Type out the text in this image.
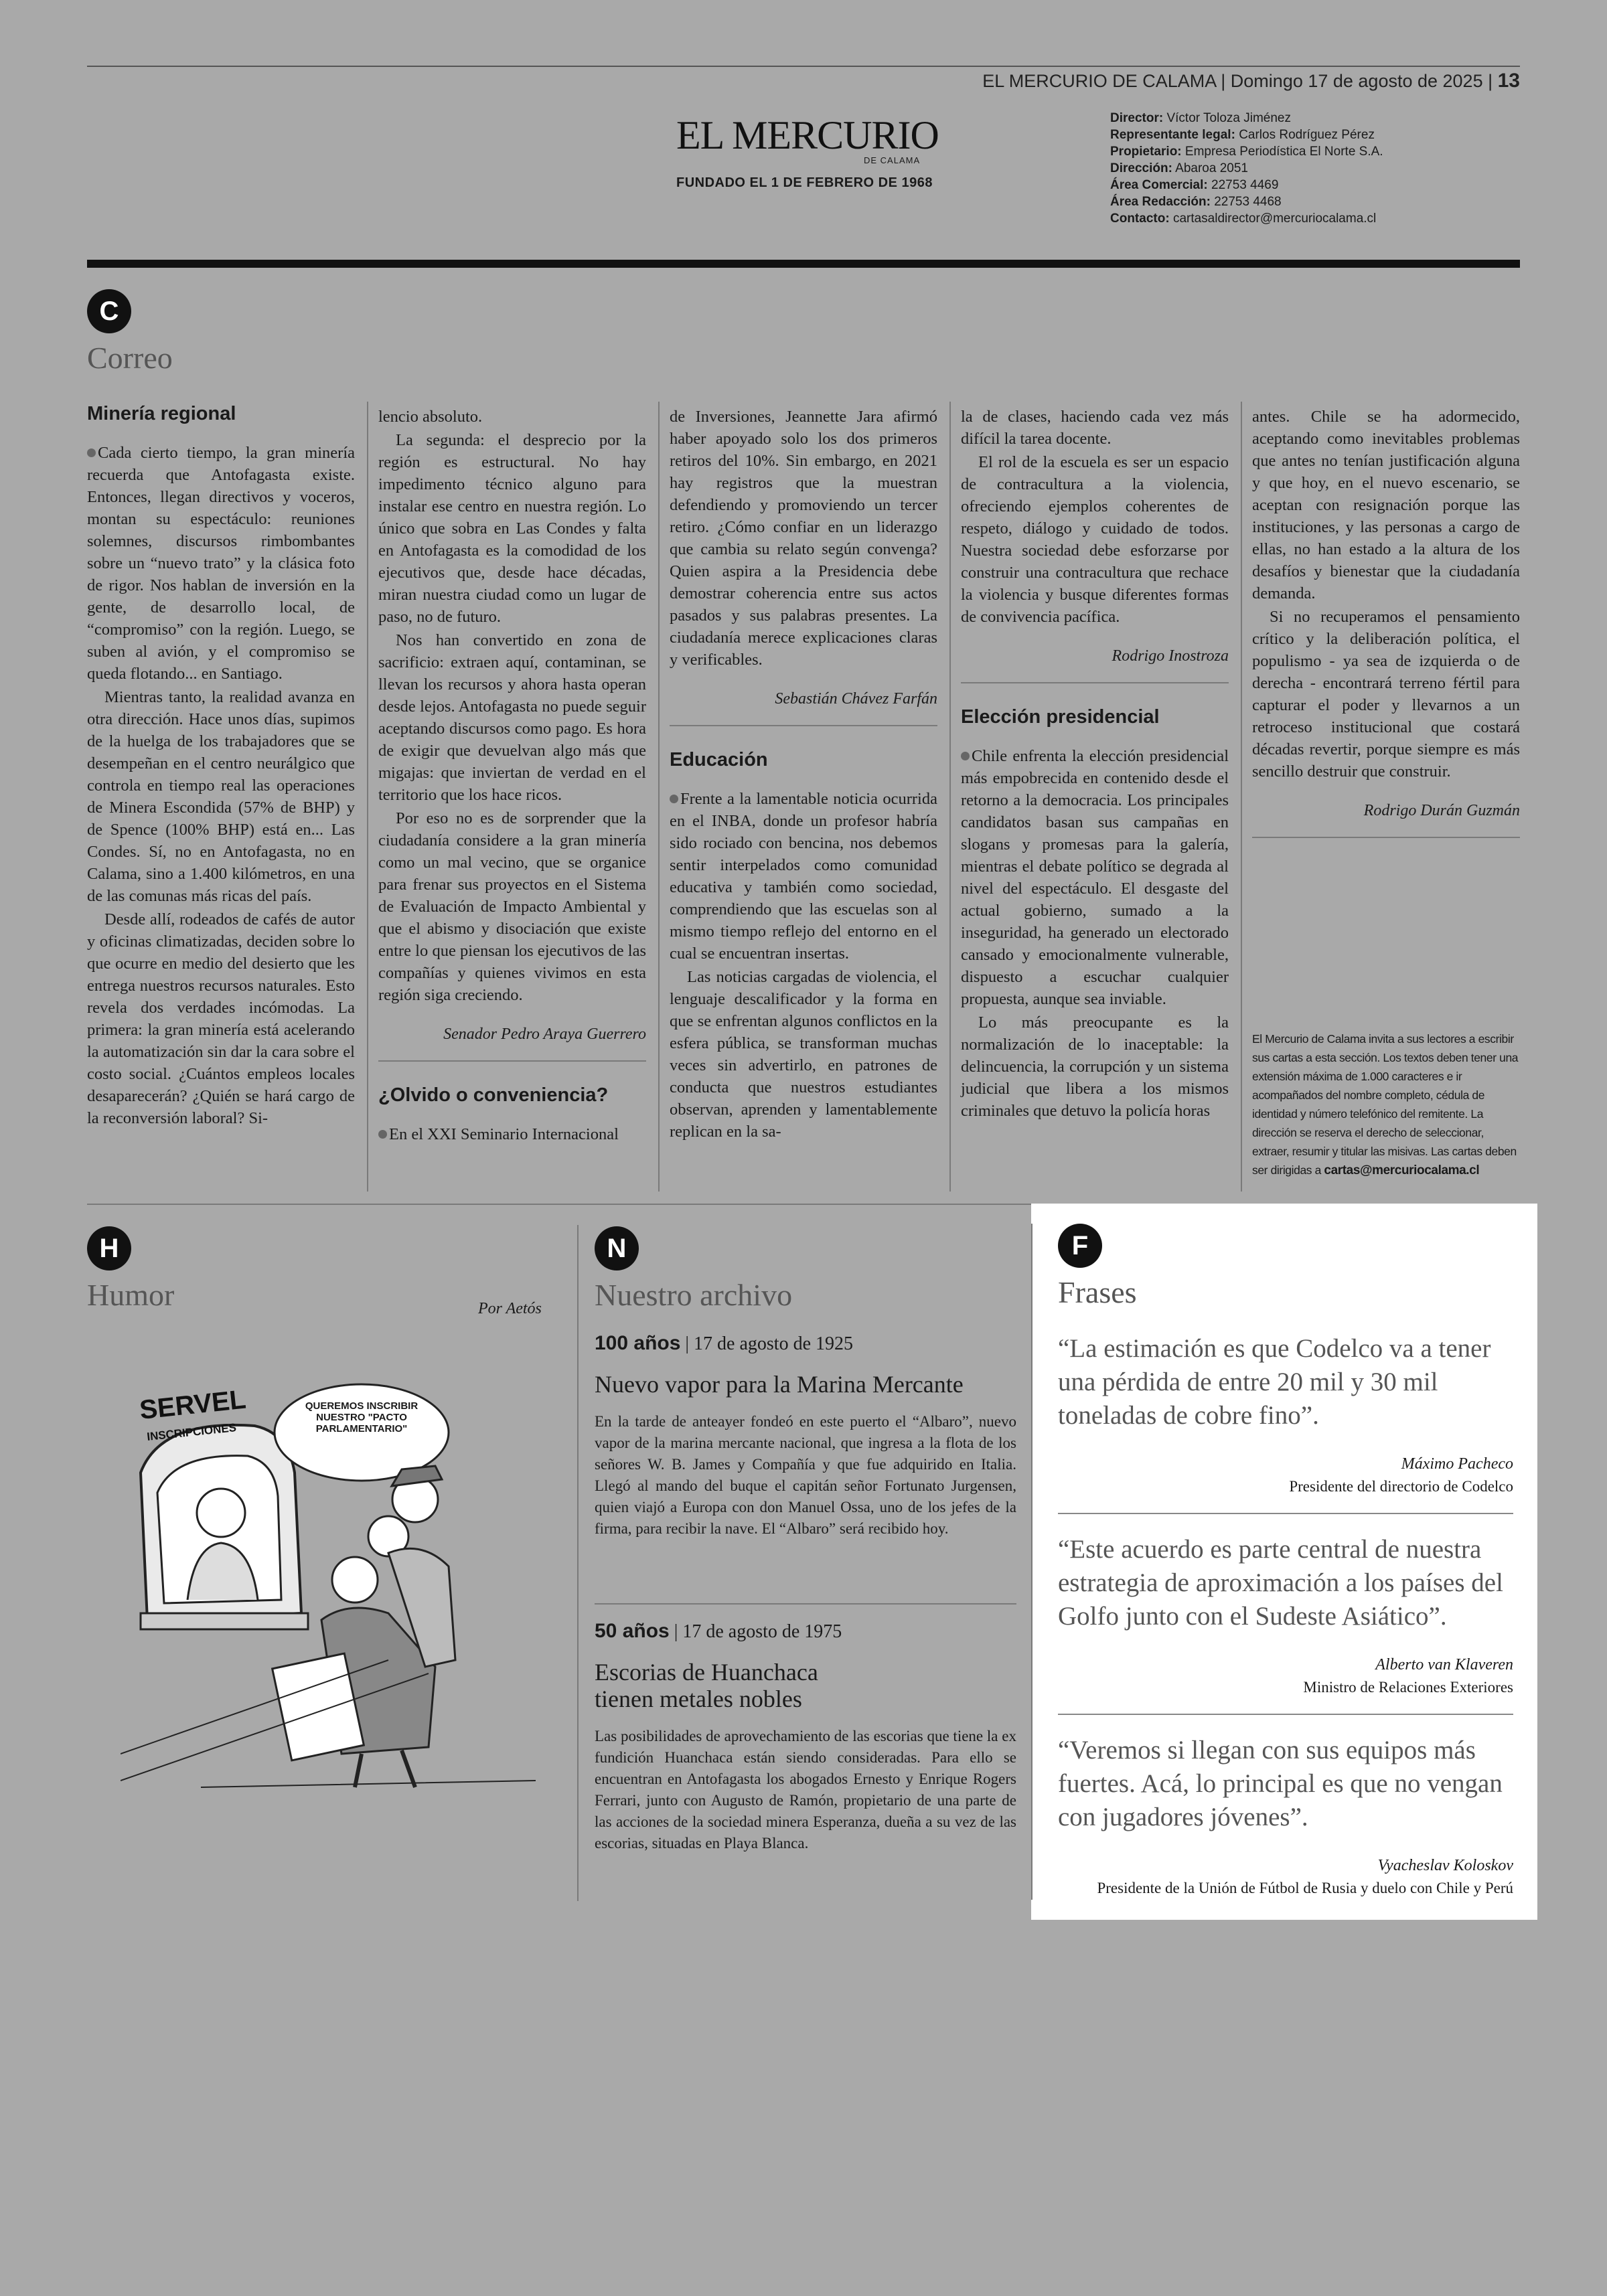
EL MERCURIO DE CALAMA | Domingo 17 de agosto de 2025 | 13
EL MERCURIO
DE CALAMA
FUNDADO EL 1 DE FEBRERO DE 1968
Director: Víctor Toloza Jiménez
Representante legal: Carlos Rodríguez Pérez
Propietario: Empresa Periodística El Norte S.A.
Dirección: Abaroa 2051
Área Comercial: 22753 4469
Área Redacción: 22753 4468
Contacto: cartasaldirector@mercuriocalama.cl
C
Correo
Minería regional

Cada cierto tiempo, la gran minería recuerda que Antofagasta existe. Entonces, llegan directivos y voceros, montan su espectáculo: reuniones solemnes, discursos rimbombantes sobre un “nuevo trato” y la clásica foto de rigor. Nos hablan de inversión en la gente, de desarrollo local, de “compromiso” con la región. Luego, se suben al avión, y el compromiso se queda flotando... en Santiago.

Mientras tanto, la realidad avanza en otra dirección. Hace unos días, supimos de la huelga de los trabajadores que se desempeñan en el centro neurálgico que controla en tiempo real las operaciones de Minera Escondida (57% de BHP) y de Spence (100% BHP) está en... Las Condes. Sí, no en Antofagasta, no en Calama, sino a 1.400 kilómetros, en una de las comunas más ricas del país.

Desde allí, rodeados de cafés de autor y oficinas climatizadas, deciden sobre lo que ocurre en medio del desierto que les entrega nuestros recursos naturales. Esto revela dos verdades incómodas. La primera: la gran minería está acelerando la automatización sin dar la cara sobre el costo social. ¿Cuántos empleos locales desaparecerán? ¿Quién se hará cargo de la reconversión laboral? Si-

lencio absoluto.

La segunda: el desprecio por la región es estructural. No hay impedimento técnico alguno para instalar ese centro en nuestra región. Lo único que sobra en Las Condes y falta en Antofagasta es la comodidad de los ejecutivos que, desde hace décadas, miran nuestra ciudad como un lugar de paso, no de futuro.

Nos han convertido en zona de sacrificio: extraen aquí, contaminan, se llevan los recursos y ahora hasta operan desde lejos. Antofagasta no puede seguir aceptando discursos como pago. Es hora de exigir que devuelvan algo más que migajas: que inviertan de verdad en el territorio que los hace ricos.

Por eso no es de sorprender que la ciudadanía considere a la gran minería como un mal vecino, que se organice para frenar sus proyectos en el Sistema de Evaluación de Impacto Ambiental y que el abismo y disociación que existe entre lo que piensan los ejecutivos de las compañías y quienes vivimos en esta región siga creciendo.

Senador Pedro Araya Guerrero
¿Olvido o conveniencia?

En el XXI Seminario Internacional

de Inversiones, Jeannette Jara afirmó haber apoyado solo los dos primeros retiros del 10%. Sin embargo, en 2021 hay registros que la muestran defendiendo y promoviendo un tercer retiro. ¿Cómo confiar en un liderazgo que cambia su relato según convenga? Quien aspira a la Presidencia debe demostrar coherencia entre sus actos pasados y sus palabras presentes. La ciudadanía merece explicaciones claras y verificables.

Sebastián Chávez Farfán
Educación

Frente a la lamentable noticia ocurrida en el INBA, donde un profesor habría sido rociado con bencina, nos debemos sentir interpelados como comunidad educativa y también como sociedad, comprendiendo que las escuelas son al mismo tiempo reflejo del entorno en el cual se encuentran insertas.

Las noticias cargadas de violencia, el lenguaje descalificador y la forma en que se enfrentan algunos conflictos en la esfera pública, se transforman muchas veces sin advertirlo, en patrones de conducta que nuestros estudiantes observan, aprenden y lamentablemente replican en la sa-

la de clases, haciendo cada vez más difícil la tarea docente.

El rol de la escuela es ser un espacio de contracultura a la violencia, ofreciendo ejemplos coherentes de respeto, diálogo y cuidado de todos. Nuestra sociedad debe esforzarse por construir una contracultura que rechace la violencia y busque diferentes formas de convivencia pacífica.

Rodrigo Inostroza
Elección presidencial

Chile enfrenta la elección presidencial más empobrecida en contenido desde el retorno a la democracia. Los principales candidatos basan sus campañas en slogans y promesas para la galería, mientras el debate político se degrada al nivel del espectáculo. El desgaste del actual gobierno, sumado a la inseguridad, ha generado un electorado cansado y emocionalmente vulnerable, dispuesto a escuchar cualquier propuesta, aunque sea inviable.

Lo más preocupante es la normalización de lo inaceptable: la delincuencia, la corrupción y un sistema judicial que libera a los mismos criminales que detuvo la policía horas

antes. Chile se ha adormecido, aceptando como inevitables problemas que antes no tenían justificación alguna y que hoy, en el nuevo escenario, se aceptan con resignación porque las instituciones, y las personas a cargo de ellas, no han estado a la altura de los desafíos y bienestar que la ciudadanía demanda.

Si no recuperamos el pensamiento crítico y la deliberación política, el populismo - ya sea de izquierda o de derecha - encontrará terreno fértil para capturar el poder y llevarnos a un retroceso institucional que costará décadas revertir, porque siempre es más sencillo destruir que construir.

Rodrigo Durán Guzmán
El Mercurio de Calama invita a sus lectores a escribir sus cartas a esta sección. Los textos deben tener una extensión máxima de 1.000 caracteres e ir acompañados del nombre completo, cédula de identidad y número telefónico del remitente. La dirección se reserva el derecho de seleccionar, extraer, resumir y titular las misivas. Las cartas deben ser dirigidas a cartas@mercuriocalama.cl
H
Humor	Por Aetós
SERVEL
INSCRIPCIONES
QUEREMOS INSCRIBIR NUESTRO "PACTO PARLAMENTARIO"
N
Nuestro archivo
100 años | 17 de agosto de 1925
Nuevo vapor para la Marina Mercante

En la tarde de anteayer fondeó en este puerto el “Albaro”, nuevo vapor de la marina mercante nacional, que ingresa a la flota de los señores W. B. James y Compañía y que fue adquirido en Italia. Llegó al mando del buque el capitán señor Fortunato Jurgensen, quien viajó a Europa con don Manuel Ossa, uno de los jefes de la firma, para recibir la nave. El “Albaro” será recibido hoy.

50 años | 17 de agosto de 1975
Escorias de Huanchaca tienen metales nobles

Las posibilidades de aprovechamiento de las escorias que tiene la ex fundición Huanchaca están siendo consideradas. Para ello se encuentran en Antofagasta los abogados Ernesto y Enrique Rogers Ferrari, junto con Augusto de Ramón, propietario de una parte de las acciones de la sociedad minera Esperanza, dueña a su vez de las escorias, situadas en Playa Blanca.

F
Frases
“La estimación es que Codelco va a tener una pérdida de entre 20 mil y 30 mil toneladas de cobre fino”.
Máximo Pacheco
Presidente del directorio de Codelco
“Este acuerdo es parte central de nuestra estrategia de aproximación a los países del Golfo junto con el Sudeste Asiático”.
Alberto van Klaveren
Ministro de Relaciones Exteriores
“Veremos si llegan con sus equipos más fuertes. Acá, lo principal es que no vengan con jugadores jóvenes”.
Vyacheslav Koloskov
Presidente de la Unión de Fútbol de Rusia y duelo con Chile y Perú
